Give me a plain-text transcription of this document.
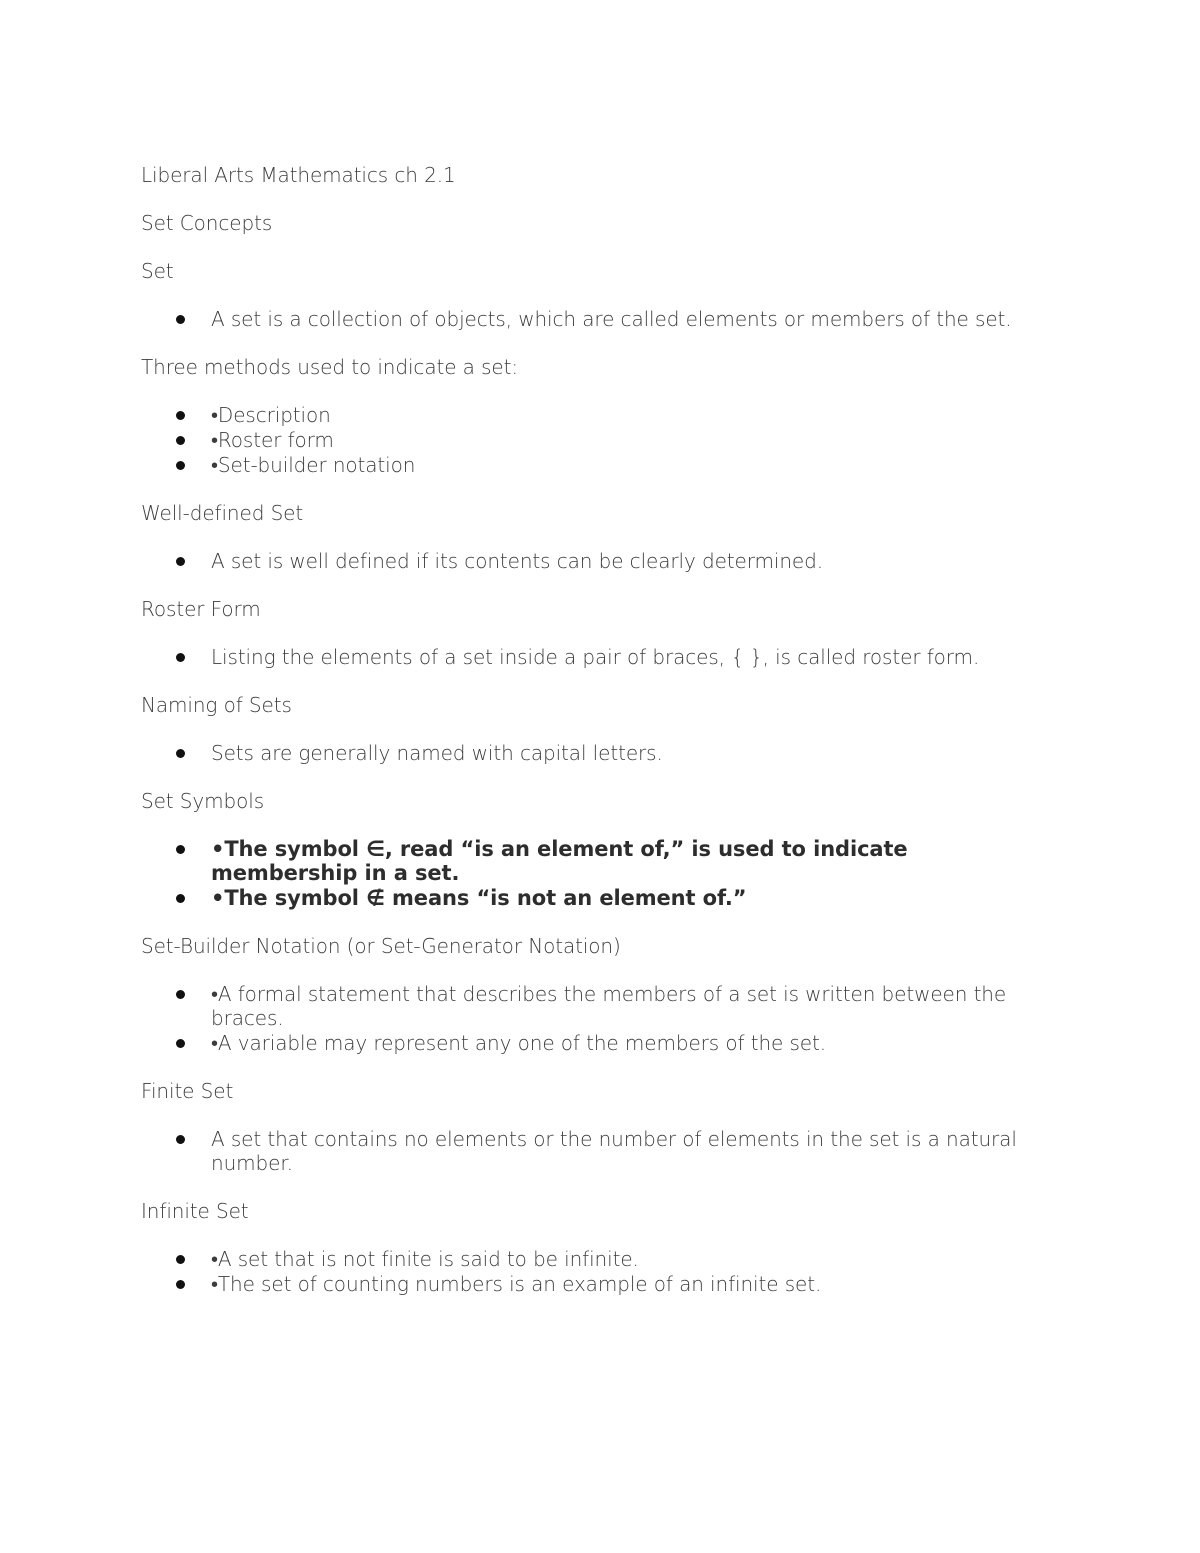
Liberal Arts Mathematics ch 2.1

Set Concepts

Set

A set is a collection of objects, which are called elements or members of the set.

Three methods used to indicate a set:

•Description
•Roster form
•Set-builder notation

Well-defined Set

A set is well defined if its contents can be clearly determined.

Roster Form

Listing the elements of a set inside a pair of braces, { }, is called roster form.

Naming of Sets

Sets are generally named with capital letters.

Set Symbols

•The symbol ∈, read “is an element of,” is used to indicate membership in a set.
•The symbol ∉ means “is not an element of.”

Set-Builder Notation (or Set-Generator Notation)

•A formal statement that describes the members of a set is written between the braces.
•A variable may represent any one of the members of the set.

Finite Set

A set that contains no elements or the number of elements in the set is a natural number.

Infinite Set

•A set that is not finite is said to be infinite.
•The set of counting numbers is an example of an infinite set.
